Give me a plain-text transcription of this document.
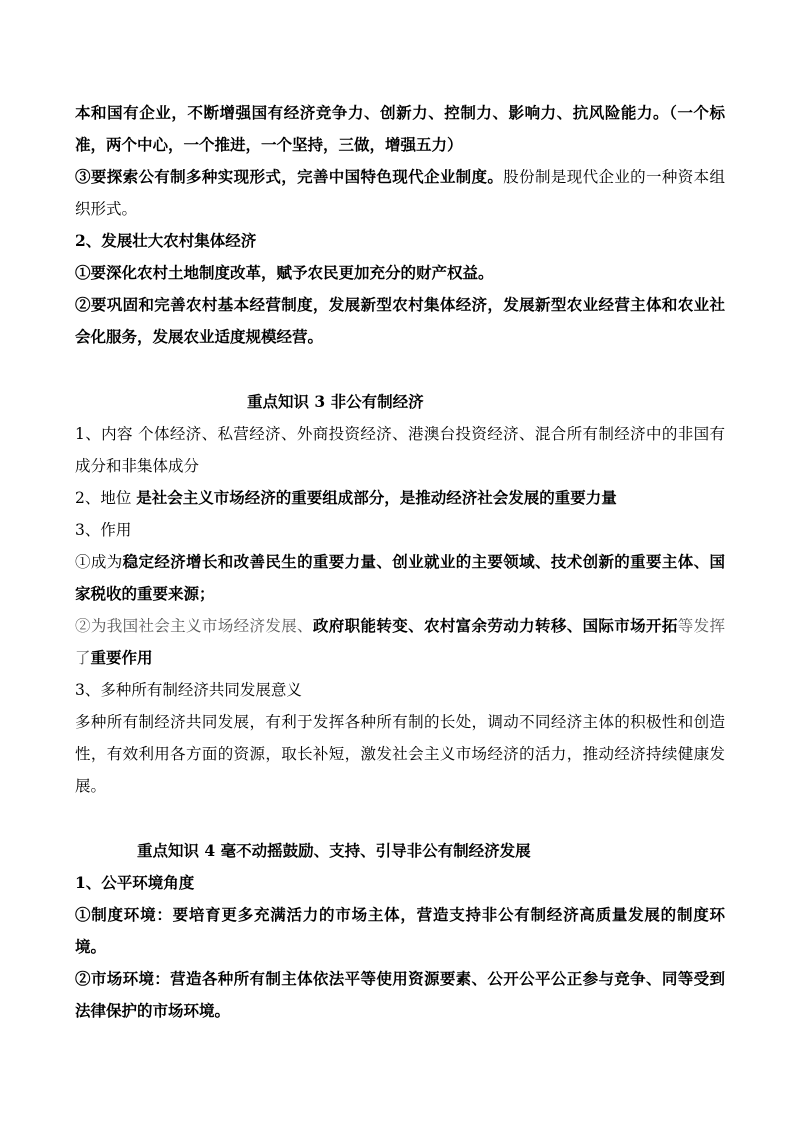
本和国有企业，不断增强国有经济竞争力、创新力、控制力、影响力、抗风险能力。（一个标准，两个中心，一个推进，一个坚持，三做，增强五力）

③要探索公有制多种实现形式，完善中国特色现代企业制度。股份制是现代企业的一种资本组织形式。

2、发展壮大农村集体经济

①要深化农村土地制度改革，赋予农民更加充分的财产权益。

②要巩固和完善农村基本经营制度，发展新型农村集体经济，发展新型农业经营主体和农业社会化服务，发展农业适度规模经营。

重点知识 3 非公有制经济

1、内容 个体经济、私营经济、外商投资经济、港澳台投资经济、混合所有制经济中的非国有成分和非集体成分

2、地位 是社会主义市场经济的重要组成部分，是推动经济社会发展的重要力量

3、作用

①成为稳定经济增长和改善民生的重要力量、创业就业的主要领域、技术创新的重要主体、国家税收的重要来源；

②为我国社会主义市场经济发展、政府职能转变、农村富余劳动力转移、国际市场开拓等发挥了重要作用

3、多种所有制经济共同发展意义

多种所有制经济共同发展，有利于发挥各种所有制的长处，调动不同经济主体的积极性和创造性，有效利用各方面的资源，取长补短，激发社会主义市场经济的活力，推动经济持续健康发展。

重点知识 4 毫不动摇鼓励、支持、引导非公有制经济发展

1、公平环境角度

①制度环境：要培育更多充满活力的市场主体，营造支持非公有制经济高质量发展的制度环境。

②市场环境：营造各种所有制主体依法平等使用资源要素、公开公平公正参与竞争、同等受到法律保护的市场环境。
